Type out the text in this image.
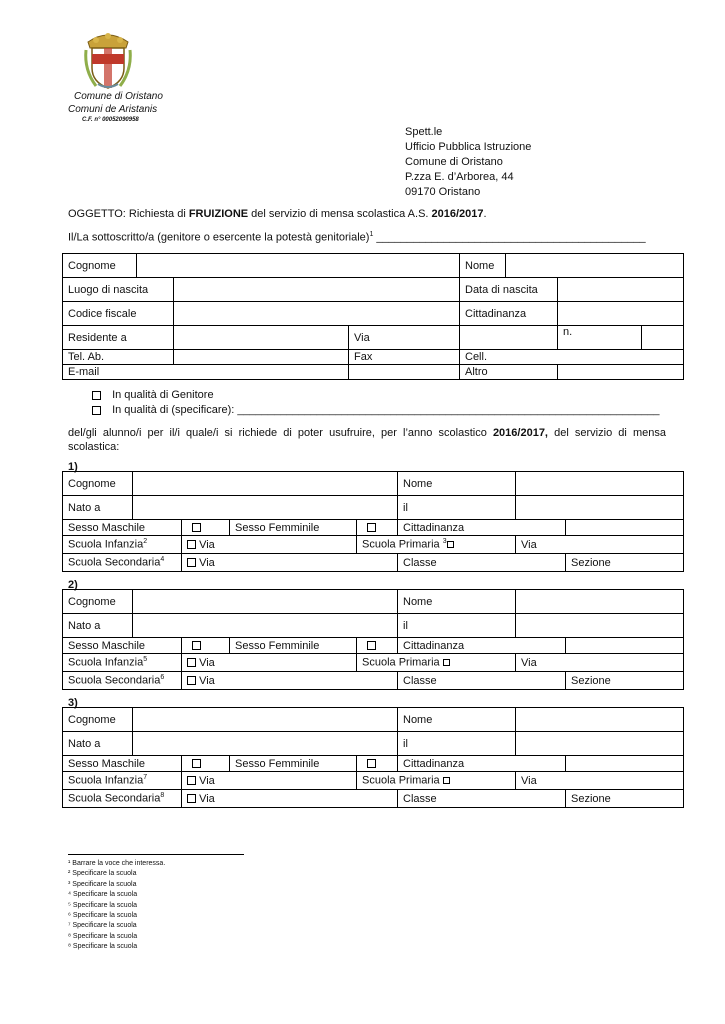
Comune di Oristano
Comuni de Aristanis
C.F. n° 00052090958
Spett.le
Ufficio Pubblica Istruzione
Comune di Oristano
P.zza E. d’Arborea, 44
09170 Oristano
OGGETTO: Richiesta di FRUIZIONE del servizio di mensa scolastica A.S. 2016/2017.
Il/La sottoscritto/a (genitore o esercente la potestà genitoriale)$^1$ ____________________________________________
Cognome				Nome			
Luogo di nascita				Data di nascita			
Codice fiscale				Cittadinanza			
Residente a			Via			n.	
Tel. Ab.			Fax	Cell.			
E-mail				Altro			
In qualità di Genitore
In qualità di (specificare): _____________________________________________________________________
del/gli alunno/i per il/i quale/i si richiede di poter usufruire, per l’anno scolastico 2016/2017, del servizio di mensa scolastica:
1)
Cognome					Nome		
Nato a					il		
Sesso Maschile			Sesso Femminile		Cittadinanza		
Scuola Infanzia$^2$		Via		Scuola Primaria $^3$		Via	
Scuola Secondaria$^4$		Via			Classe		Sezione
2)
Cognome					Nome		
Nato a					il		
Sesso Maschile			Sesso Femminile		Cittadinanza		
Scuola Infanzia$^5$		Via		Scuola Primaria		Via	
Scuola Secondaria$^6$		Via			Classe		Sezione
3)
Cognome					Nome		
Nato a					il		
Sesso Maschile			Sesso Femminile		Cittadinanza		
Scuola Infanzia$^7$		Via		Scuola Primaria		Via	
Scuola Secondaria$^8$		Via			Classe		Sezione
¹ Barrare la voce che interessa.
² Specificare la scuola
³ Specificare la scuola
⁴ Specificare la scuola
⁵ Specificare la scuola
⁶ Specificare la scuola
⁷ Specificare la scuola
⁸ Specificare la scuola
⁸ Specificare la scuola
